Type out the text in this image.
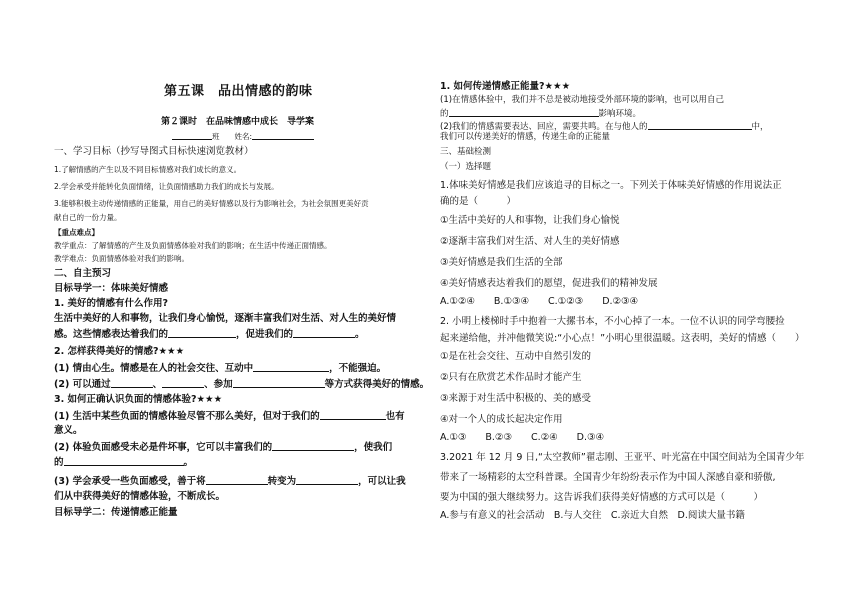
第五课　品出情感的韵味
第２课时　在品味情感中成长　导学案
班　　姓名:
一、学习目标（抄写导图式目标快速浏览教材）
1.了解情感的产生以及不同目标情感对我们成长的意义。
2.学会承受并能转化负面情绪，让负面情感助力我们的成长与发展。
3.能够积极主动传递情感的正能量，用自己的美好情感以及行为影响社会，为社会氛围更美好贡
献自己的一份力量。
【重点难点】
教学重点：了解情感的产生及负面情感体验对我们的影响；在生活中传递正面情感。
教学难点：负面情感体验对我们的影响。
二、自主预习
目标导学一：体味美好情感
1. 美好的情感有什么作用?
生活中美好的人和事物，让我们身心愉悦，逐渐丰富我们对生活、对人生的美好情
感。这些情感表达着我们的	，促进我们的	。
2. 怎样获得美好的情感?★★★
(1) 情由心生。情感是在人的社会交往、互动中	，不能强迫。
(2) 可以通过	、	、参加	等方式获得美好的情感。
3. 如何正确认识负面的情感体验?★★★
(1) 生活中某些负面的情感体验尽管不那么美好，但对于我们的	也有
意义。
(2) 体验负面感受未必是件坏事，它可以丰富我们的	，使我们
的	。
(3) 学会承受一些负面感受，善于将	转变为	，可以让我
们从中获得美好的情感体验，不断成长。
目标导学二：传递情感正能量
1. 如何传递情感正能量?★★★
(1)在情感体验中，我们并不总是被动地接受外部环境的影响，也可以用自己
的	影响环境。
(2)我们的情感需要表达、回应，需要共鸣。在与他人的	中，
我们可以传递美好的情感，传递生命的正能量
三、基础检测
（一）选择题
1.体味美好情感是我们应该追寻的目标之一。下列关于体味美好情感的作用说法正
确的是（　　　）
①生活中美好的人和事物，让我们身心愉悦
②逐渐丰富我们对生活、对人生的美好情感
③美好情感是我们生活的全部
④美好情感表达着我们的愿望，促进我们的精神发展
A.①②④　　B.①③④　　C.①②③　　D.②③④
2. 小明上楼梯时手中抱着一大摞书本，不小心掉了一本。一位不认识的同学弯腰捡
起来递给他，并冲他微笑说:“小心点！”小明心里很温暖。这表明，美好的情感（　　）
①是在社会交往、互动中自然引发的
②只有在欣赏艺术作品时才能产生
③来源于对生活中积极的、美的感受
④对一个人的成长起决定作用
A.①③　　B.②③　　C.②④　　D.③④
3.2021 年 12 月 9 日,“太空教师”翟志刚、王亚平、叶光富在中国空间站为全国青少年
带来了一场精彩的太空科普课。全国青少年纷纷表示作为中国人深感自豪和骄傲,
要为中国的强大继续努力。这告诉我们获得美好情感的方式可以是（　　　）
A.参与有意义的社会活动　B.与人交往　C.亲近大自然　D.阅读大量书籍
